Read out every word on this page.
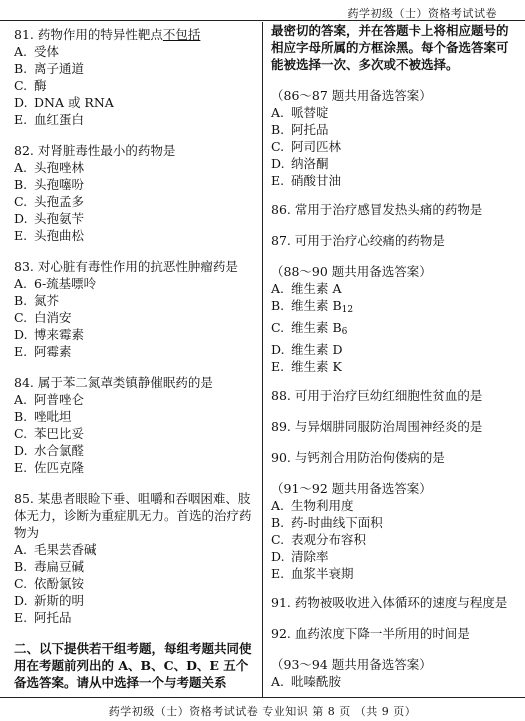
药学初级（士）资格考试试卷

81. 药物作用的特异性靶点不包括

A. 受体

B. 离子通道

C. 酶

D. DNA 或 RNA

E. 血红蛋白

82. 对肾脏毒性最小的药物是

A. 头孢唑林

B. 头孢噻吩

C. 头孢孟多

D. 头孢氨苄

E. 头孢曲松

83. 对心脏有毒性作用的抗恶性肿瘤药是

A. 6-巯基嘌呤

B. 氮芥

C. 白消安

D. 博来霉素

E. 阿霉素

84. 属于苯二氮䓬类镇静催眠药的是

A. 阿普唑仑

B. 唑吡坦

C. 苯巴比妥

D. 水合氯醛

E. 佐匹克隆

85. 某患者眼睑下垂、咀嚼和吞咽困难、肢体无力，诊断为重症肌无力。首选的治疗药物为

A. 毛果芸香碱

B. 毒扁豆碱

C. 依酚氯铵

D. 新斯的明

E. 阿托品

二、以下提供若干组考题，每组考题共同使用在考题前列出的 A、B、C、D、E 五个备选答案。请从中选择一个与考题关系

最密切的答案，并在答题卡上将相应题号的相应字母所属的方框涂黑。每个备选答案可能被选择一次、多次或不被选择。

（86～87 题共用备选答案）

A. 哌替啶

B. 阿托品

C. 阿司匹林

D. 纳洛酮

E. 硝酸甘油

86. 常用于治疗感冒发热头痛的药物是

87. 可用于治疗心绞痛的药物是

（88～90 题共用备选答案）

A. 维生素 A

B. 维生素 $B_{12}$

C. 维生素 $B_6$

D. 维生素 D

E. 维生素 K

88. 可用于治疗巨幼红细胞性贫血的是

89. 与异烟肼同服防治周围神经炎的是

90. 与钙剂合用防治佝偻病的是

（91～92 题共用备选答案）

A. 生物利用度

B. 药-时曲线下面积

C. 表观分布容积

D. 清除率

E. 血浆半衰期

91. 药物被吸收进入体循环的速度与程度是

92. 血药浓度下降一半所用的时间是

（93～94 题共用备选答案）

A. 吡嗪酰胺

药学初级（士）资格考试试卷 专业知识 第 8 页 （共 9 页）
